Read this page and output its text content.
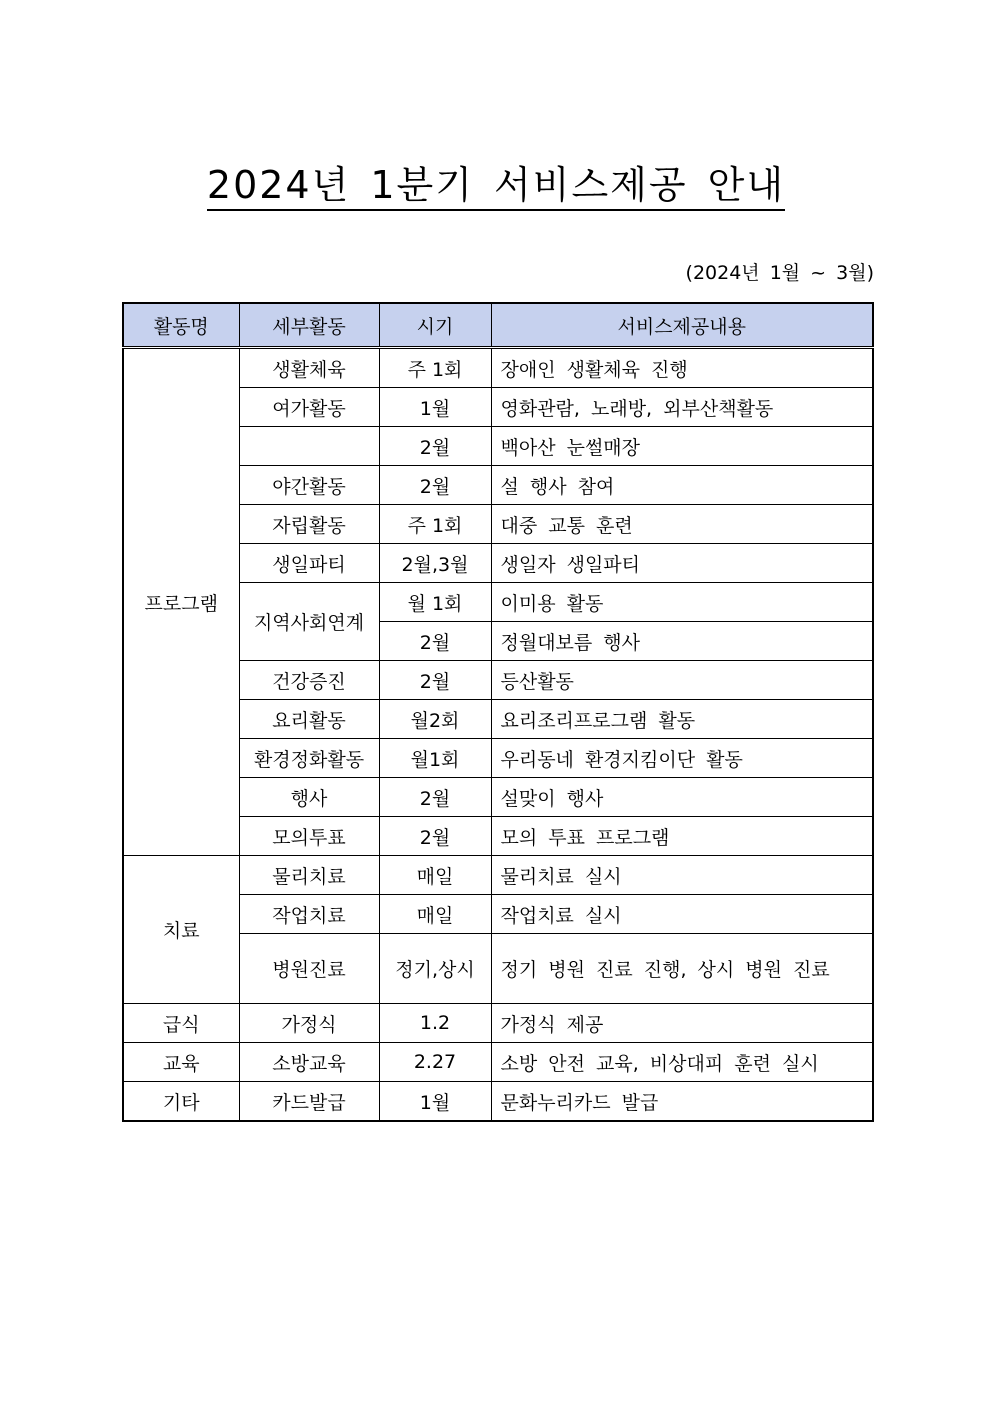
2024년 1분기 서비스제공 안내
(2024년 1월 ~ 3월)
활동명	세부활동	시기	서비스제공내용
프로그램	생활체육	주 1회	장애인 생활체육 진행
	여가활동	1월	영화관람, 노래방, 외부산책활동
		2월	백아산 눈썰매장
	야간활동	2월	설 행사 참여
	자립활동	주 1회	대중 교통 훈련
	생일파티	2월,3월	생일자 생일파티
	지역사회연계	월 1회	이미용 활동
		2월	정월대보름 행사
	건강증진	2월	등산활동
	요리활동	월2회	요리조리프로그램 활동
	환경정화활동	월1회	우리동네 환경지킴이단 활동
	행사	2월	설맞이 행사
	모의투표	2월	모의 투표 프로그램
치료	물리치료	매일	물리치료 실시
	작업치료	매일	작업치료 실시
	병원진료	정기,상시	정기 병원 진료 진행, 상시 병원 진료
급식	가정식	1.2	가정식 제공
교육	소방교육	2.27	소방 안전 교육, 비상대피 훈련 실시
기타	카드발급	1월	문화누리카드 발급
